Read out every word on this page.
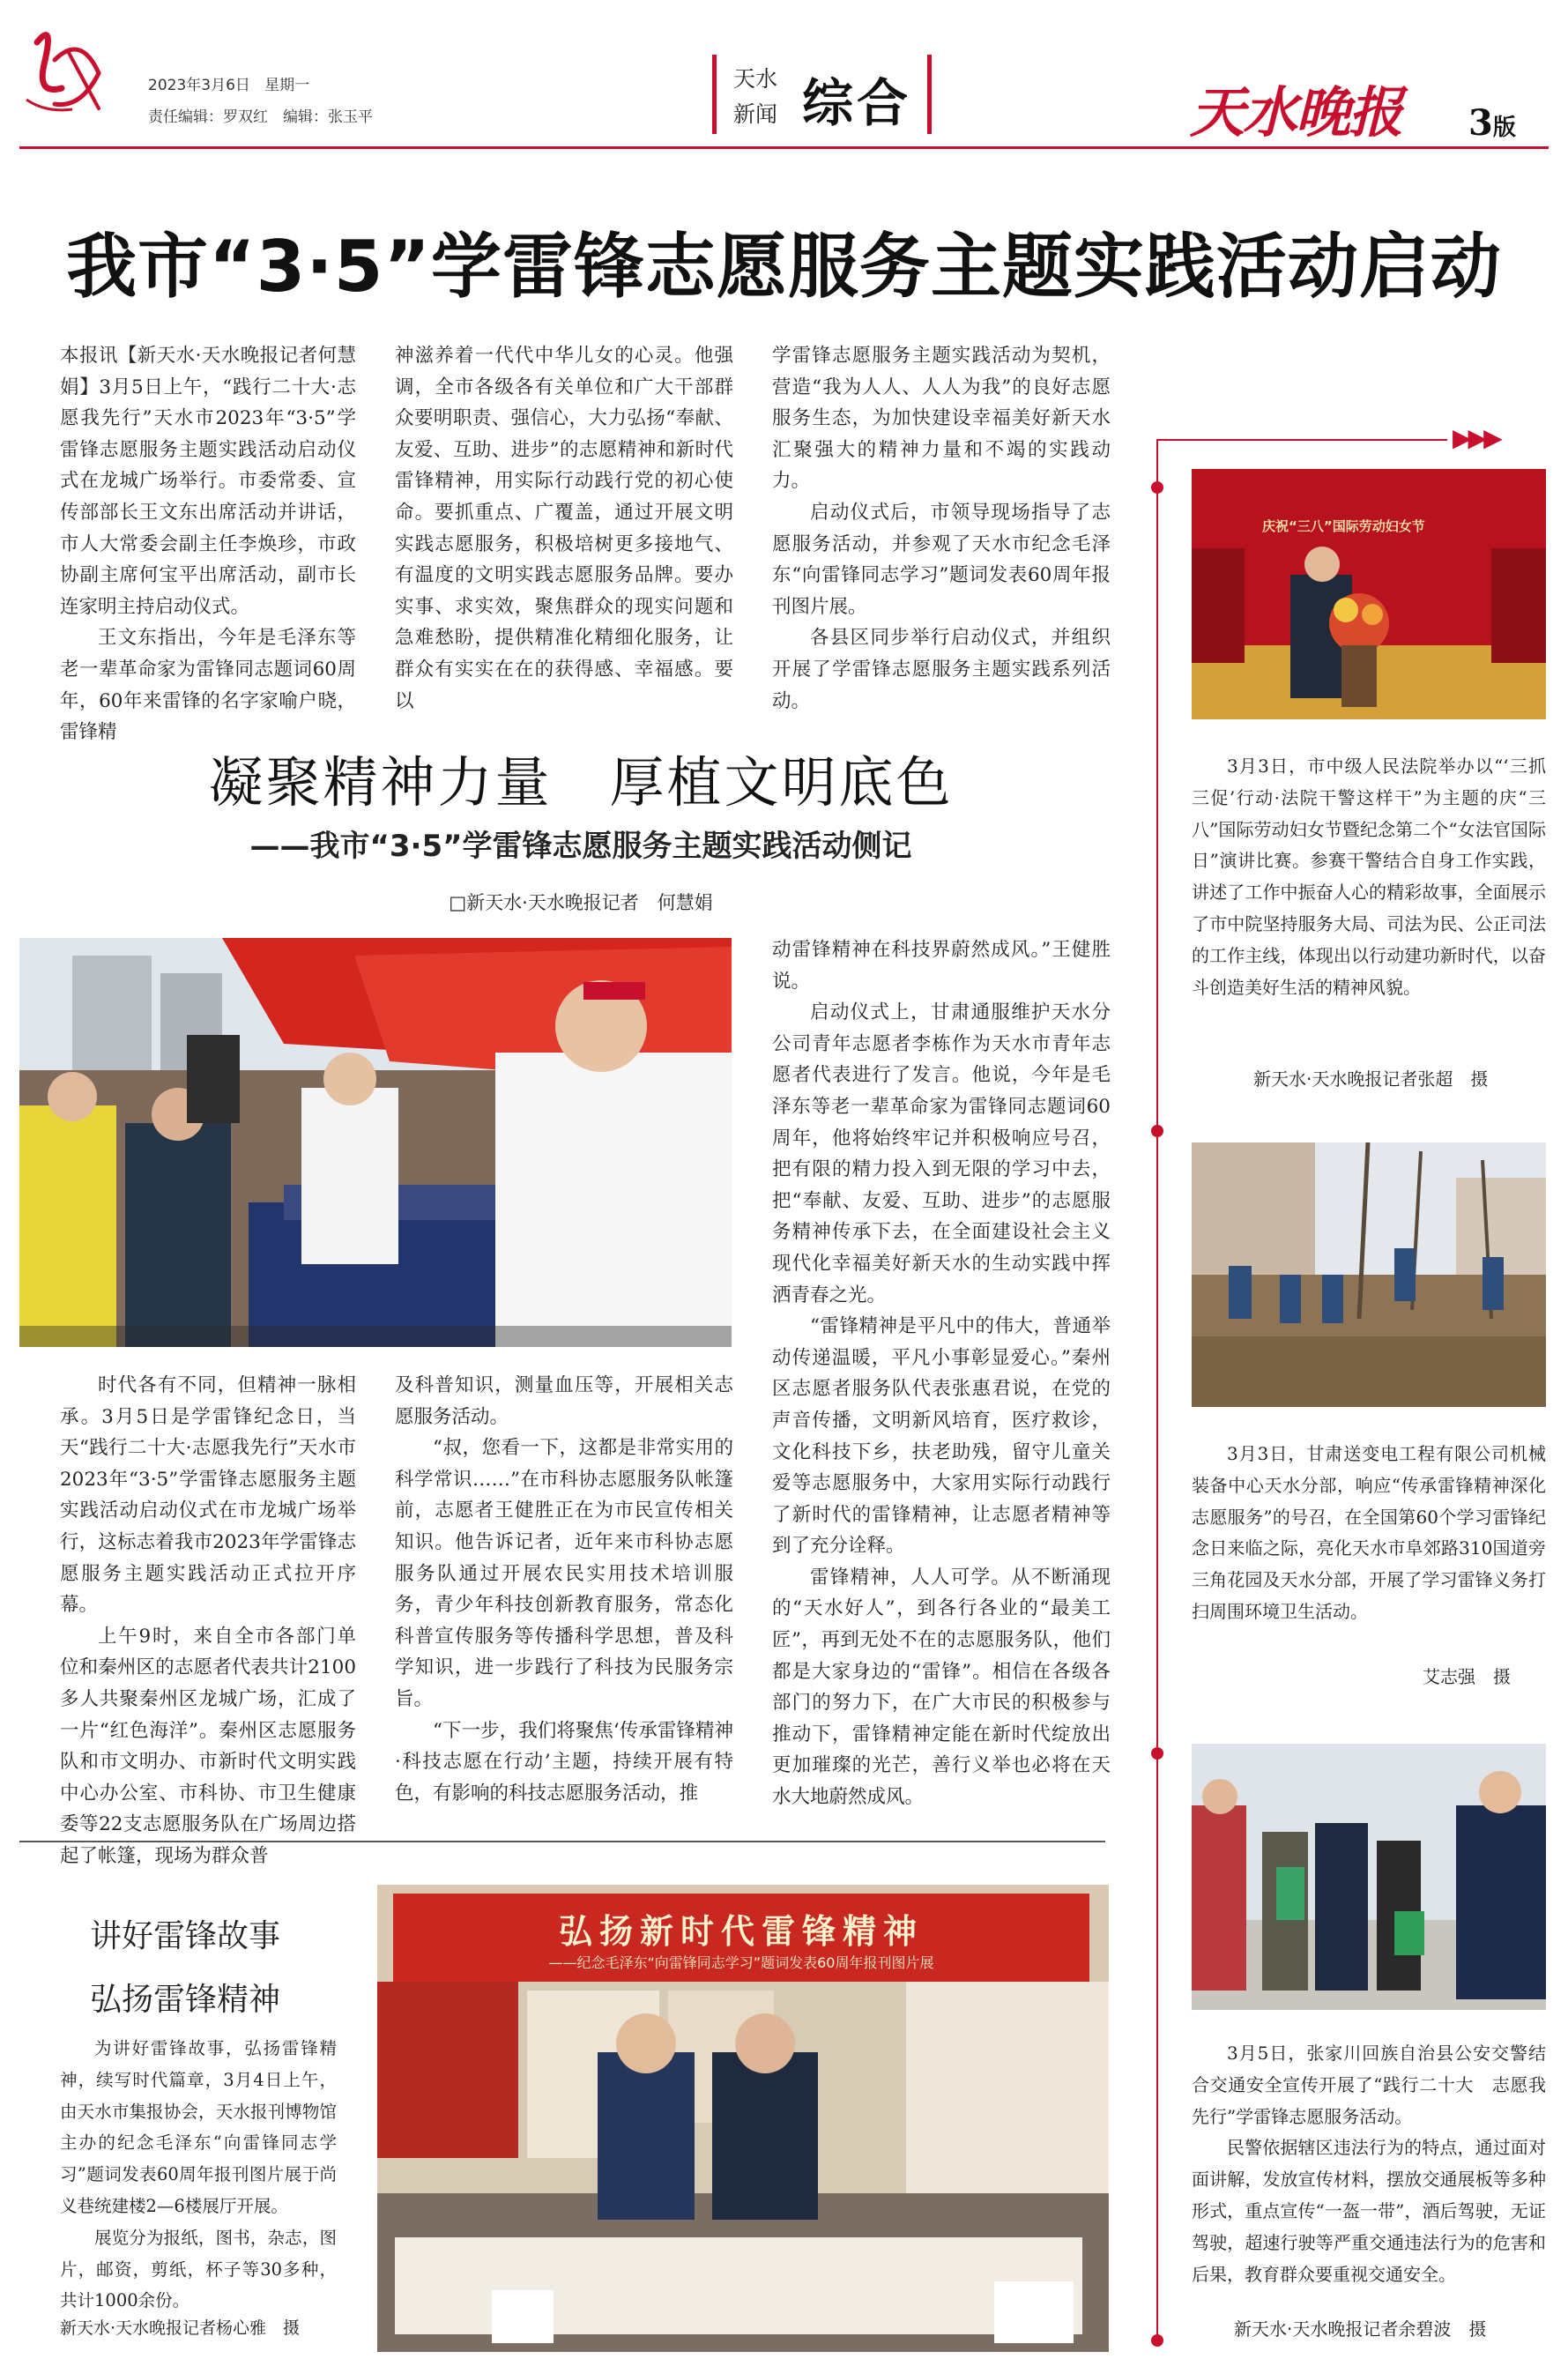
2023年3月6日 星期一
责任编辑：罗双红　编辑：张玉平
天水
新闻 综合	天水晚报 3版
我市“3·5”学雷锋志愿服务主题实践活动启动

本报讯【新天水·天水晚报记者何慧娟】3月5日上午，“践行二十大·志愿我先行”天水市2023年“3·5”学雷锋志愿服务主题实践活动启动仪式在龙城广场举行。市委常委、宣传部部长王文东出席活动并讲话，市人大常委会副主任李焕珍，市政协副主席何宝平出席活动，副市长连家明主持启动仪式。

王文东指出，今年是毛泽东等老一辈革命家为雷锋同志题词60周年，60年来雷锋的名字家喻户晓，雷锋精

神滋养着一代代中华儿女的心灵。他强调，全市各级各有关单位和广大干部群众要明职责、强信心，大力弘扬“奉献、友爱、互助、进步”的志愿精神和新时代雷锋精神，用实际行动践行党的初心使命。要抓重点、广覆盖，通过开展文明实践志愿服务，积极培树更多接地气、有温度的文明实践志愿服务品牌。要办实事、求实效，聚焦群众的现实问题和急难愁盼，提供精准化精细化服务，让群众有实实在在的获得感、幸福感。要以

学雷锋志愿服务主题实践活动为契机，营造“我为人人、人人为我”的良好志愿服务生态，为加快建设幸福美好新天水汇聚强大的精神力量和不竭的实践动力。

启动仪式后，市领导现场指导了志愿服务活动，并参观了天水市纪念毛泽东“向雷锋同志学习”题词发表60周年报刊图片展。

各县区同步举行启动仪式，并组织开展了学雷锋志愿服务主题实践系列活动。

凝聚精神力量　厚植文明底色
——我市“3·5”学雷锋志愿服务主题实践活动侧记
□新天水·天水晚报记者　何慧娟

时代各有不同，但精神一脉相承。3月5日是学雷锋纪念日，当天“践行二十大·志愿我先行”天水市2023年“3·5”学雷锋志愿服务主题实践活动启动仪式在市龙城广场举行，这标志着我市2023年学雷锋志愿服务主题实践活动正式拉开序幕。

上午9时，来自全市各部门单位和秦州区的志愿者代表共计2100多人共聚秦州区龙城广场，汇成了一片“红色海洋”。秦州区志愿服务队和市文明办、市新时代文明实践中心办公室、市科协、市卫生健康委等22支志愿服务队在广场周边搭起了帐篷，现场为群众普

及科普知识，测量血压等，开展相关志愿服务活动。

“叔，您看一下，这都是非常实用的科学常识……”在市科协志愿服务队帐篷前，志愿者王健胜正在为市民宣传相关知识。他告诉记者，近年来市科协志愿服务队通过开展农民实用技术培训服务，青少年科技创新教育服务，常态化科普宣传服务等传播科学思想，普及科学知识，进一步践行了科技为民服务宗旨。

“下一步，我们将聚焦‘传承雷锋精神·科技志愿在行动’主题，持续开展有特色，有影响的科技志愿服务活动，推

动雷锋精神在科技界蔚然成风。”王健胜说。

启动仪式上，甘肃通服维护天水分公司青年志愿者李栋作为天水市青年志愿者代表进行了发言。他说，今年是毛泽东等老一辈革命家为雷锋同志题词60周年，他将始终牢记并积极响应号召，把有限的精力投入到无限的学习中去，把“奉献、友爱、互助、进步”的志愿服务精神传承下去，在全面建设社会主义现代化幸福美好新天水的生动实践中挥洒青春之光。

“雷锋精神是平凡中的伟大，普通举动传递温暖，平凡小事彰显爱心。”秦州区志愿者服务队代表张惠君说，在党的声音传播，文明新风培育，医疗救诊，文化科技下乡，扶老助残，留守儿童关爱等志愿服务中，大家用实际行动践行了新时代的雷锋精神，让志愿者精神等到了充分诠释。

雷锋精神，人人可学。从不断涌现的“天水好人”，到各行各业的“最美工匠”，再到无处不在的志愿服务队，他们都是大家身边的“雷锋”。相信在各级各部门的努力下，在广大市民的积极参与推动下，雷锋精神定能在新时代绽放出更加璀璨的光芒，善行义举也必将在天水大地蔚然成风。

讲好雷锋故事
弘扬雷锋精神

为讲好雷锋故事，弘扬雷锋精神，续写时代篇章，3月4日上午，由天水市集报协会，天水报刊博物馆主办的纪念毛泽东“向雷锋同志学习”题词发表60周年报刊图片展于尚义巷统建楼2—6楼展厅开展。

展览分为报纸，图书，杂志，图片，邮资，剪纸，杯子等30多种，共计1000余份。

新天水·天水晚报记者杨心雅　摄
弘扬新时代雷锋精神
——纪念毛泽东“向雷锋同志学习”题词发表60周年报刊图片展
▶▶▶
庆祝“三八”国际劳动妇女节

3月3日，市中级人民法院举办以“‘三抓三促’行动·法院干警这样干”为主题的庆“三八”国际劳动妇女节暨纪念第二个“女法官国际日”演讲比赛。参赛干警结合自身工作实践，讲述了工作中振奋人心的精彩故事，全面展示了市中院坚持服务大局、司法为民、公正司法的工作主线，体现出以行动建功新时代，以奋斗创造美好生活的精神风貌。

新天水·天水晚报记者张超　摄

3月3日，甘肃送变电工程有限公司机械装备中心天水分部，响应“传承雷锋精神深化志愿服务”的号召，在全国第60个学习雷锋纪念日来临之际，亮化天水市阜郊路310国道旁三角花园及天水分部，开展了学习雷锋义务打扫周围环境卫生活动。

艾志强　摄

3月5日，张家川回族自治县公安交警结合交通安全宣传开展了“践行二十大　志愿我先行”学雷锋志愿服务活动。

民警依据辖区违法行为的特点，通过面对面讲解，发放宣传材料，摆放交通展板等多种形式，重点宣传“一盔一带”，酒后驾驶，无证驾驶，超速行驶等严重交通违法行为的危害和后果，教育群众要重视交通安全。

新天水·天水晚报记者余碧波　摄
